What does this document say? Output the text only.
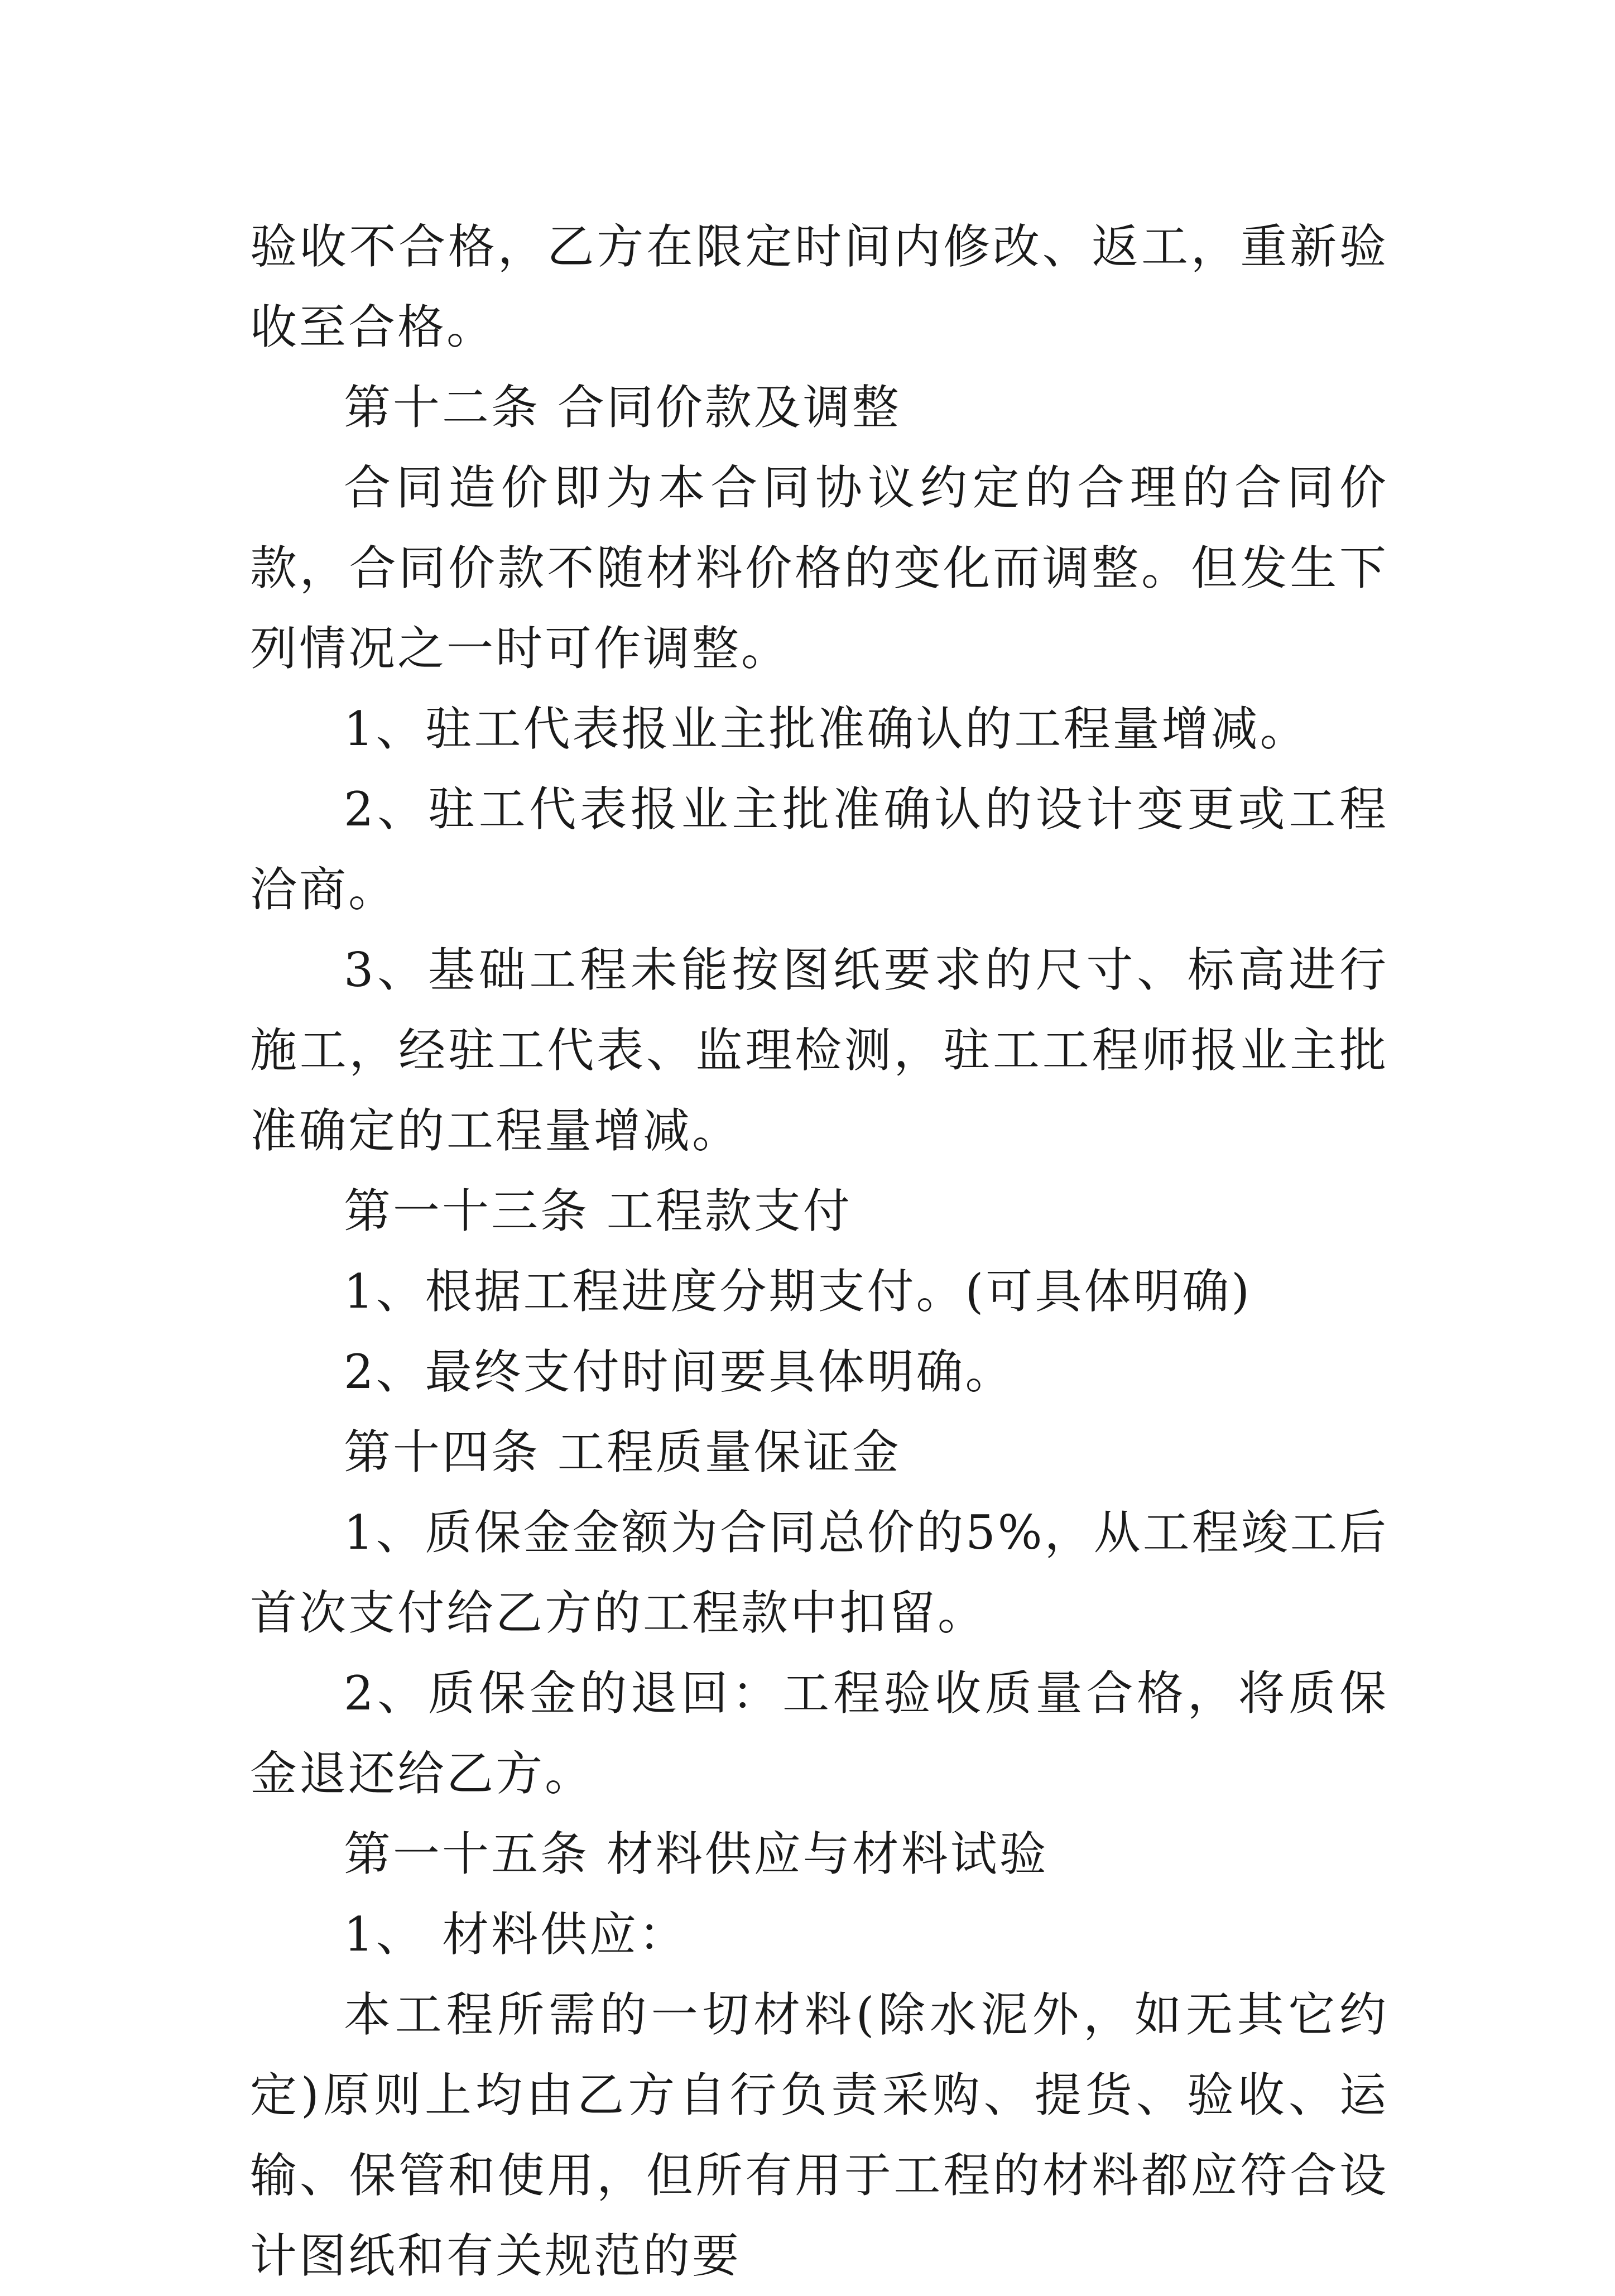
验收不合格，乙方在限定时间内修改、返工，重新验收至合格。

第十二条 合同价款及调整

合同造价即为本合同协议约定的合理的合同价款，合同价款不随材料价格的变化而调整。但发生下列情况之一时可作调整。

1、驻工代表报业主批准确认的工程量增减。

2、驻工代表报业主批准确认的设计变更或工程洽商。

3、基础工程未能按图纸要求的尺寸、标高进行施工，经驻工代表、监理检测，驻工工程师报业主批准确定的工程量增减。

第一十三条 工程款支付

1、根据工程进度分期支付。(可具体明确)

2、最终支付时间要具体明确。

第十四条 工程质量保证金

1、质保金金额为合同总价的5%，从工程竣工后首次支付给乙方的工程款中扣留。

2、质保金的退回：工程验收质量合格，将质保金退还给乙方。

第一十五条 材料供应与材料试验

1、 材料供应：

本工程所需的一切材料(除水泥外，如无其它约定)原则上均由乙方自行负责采购、提货、验收、运输、保管和使用，但所有用于工程的材料都应符合设计图纸和有关规范的要
